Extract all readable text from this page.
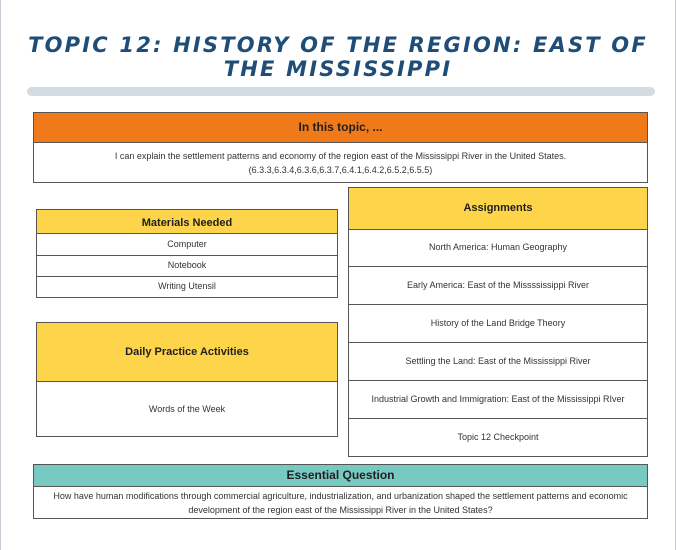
TOPIC 12: HISTORY OF THE REGION: EAST OF THE MISSISSIPPI
In this topic, ...
I can explain the settlement patterns and economy of the region east of the Mississippi River in the United States.
(6.3.3,6.3.4,6.3.6,6.3.7,6.4.1,6.4.2,6.5.2,6.5.5)
Materials Needed
Computer
Notebook
Writing Utensil
Daily Practice Activities
Words of the Week
Assignments
North America: Human Geography
Early America: East of the Missssissippi River
History of the Land Bridge Theory
Settling the Land: East of the Mississippi River
Industrial Growth and Immigration: East of the Mississippi RIver
Topic 12 Checkpoint
Essential Question
How have human modifications through commercial agriculture, industrialization, and urbanization shaped the settlement patterns and economic development of the region east of the Mississippi River in the United States?
